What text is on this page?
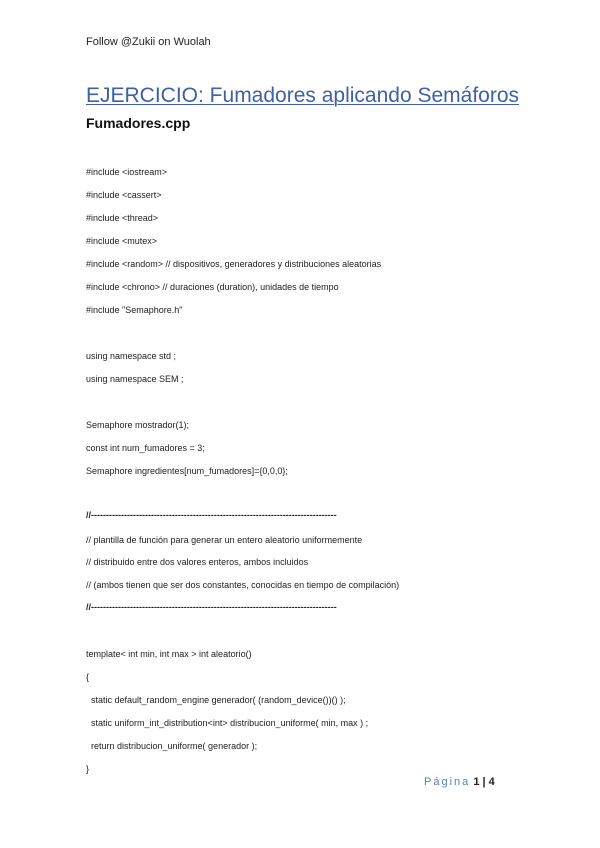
Follow @Zukii on Wuolah
EJERCICIO: Fumadores aplicando Semáforos
Fumadores.cpp
#include <iostream>
#include <cassert>
#include <thread>
#include <mutex>
#include <random> // dispositivos, generadores y distribuciones aleatorias
#include <chrono> // duraciones (duration), unidades de tiempo
#include "Semaphore.h"
using namespace std ;
using namespace SEM ;
Semaphore mostrador(1);
const int num_fumadores = 3;
Semaphore ingredientes[num_fumadores]={0,0,0};
//----------------------------------------------------------------------------------
// plantilla de función para generar un entero aleatorio uniformemente
// distribuido entre dos valores enteros, ambos incluidos
// (ambos tienen que ser dos constantes, conocidas en tiempo de compilación)
//----------------------------------------------------------------------------------
template< int min, int max > int aleatorio()
{
static default_random_engine generador( (random_device())() );
static uniform_int_distribution<int> distribucion_uniforme( min, max ) ;
return distribucion_uniforme( generador );
}
Página 1 | 4
